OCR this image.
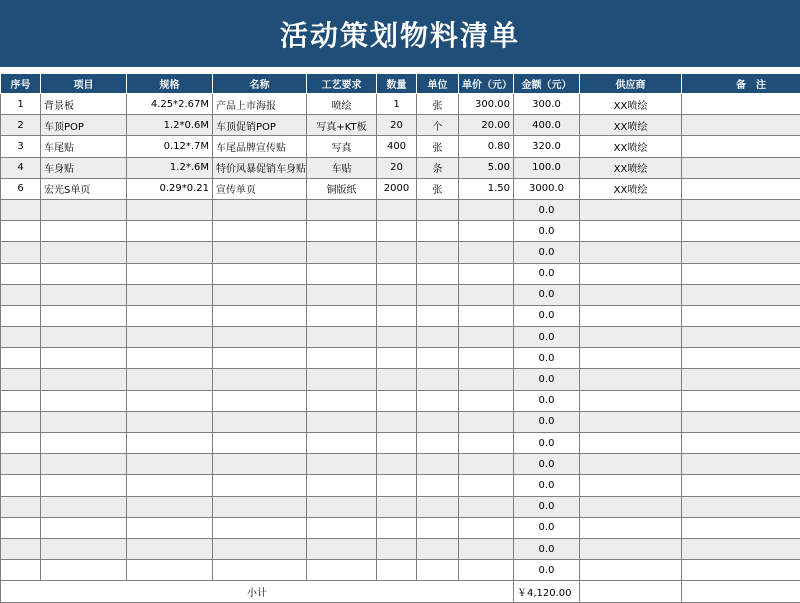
活动策划物料清单
序号	项目	规格	名称	工艺要求	数量	单位	单价（元）	金额（元）	供应商	备　注
1	背景板	4.25*2.67M	产品上市海报	喷绘	1	张	300.00	300.0	XX喷绘	
2	车顶POP	1.2*0.6M	车顶促销POP	写真+KT板	20	个	20.00	400.0	XX喷绘	
3	车尾贴	0.12*.7M	车尾品牌宣传贴	写真	400	张	0.80	320.0	XX喷绘	
4	车身贴	1.2*.6M	特价风暴促销车身贴	车贴	20	条	5.00	100.0	XX喷绘	
6	宏光S单页	0.29*0.21	宣传单页	铜版纸	2000	张	1.50	3000.0	XX喷绘	
								0.0		
								0.0		
								0.0		
								0.0		
								0.0		
								0.0		
								0.0		
								0.0		
								0.0		
								0.0		
								0.0		
								0.0		
								0.0		
								0.0		
								0.0		
								0.0		
								0.0		
								0.0		
小计								￥4,120.00		
